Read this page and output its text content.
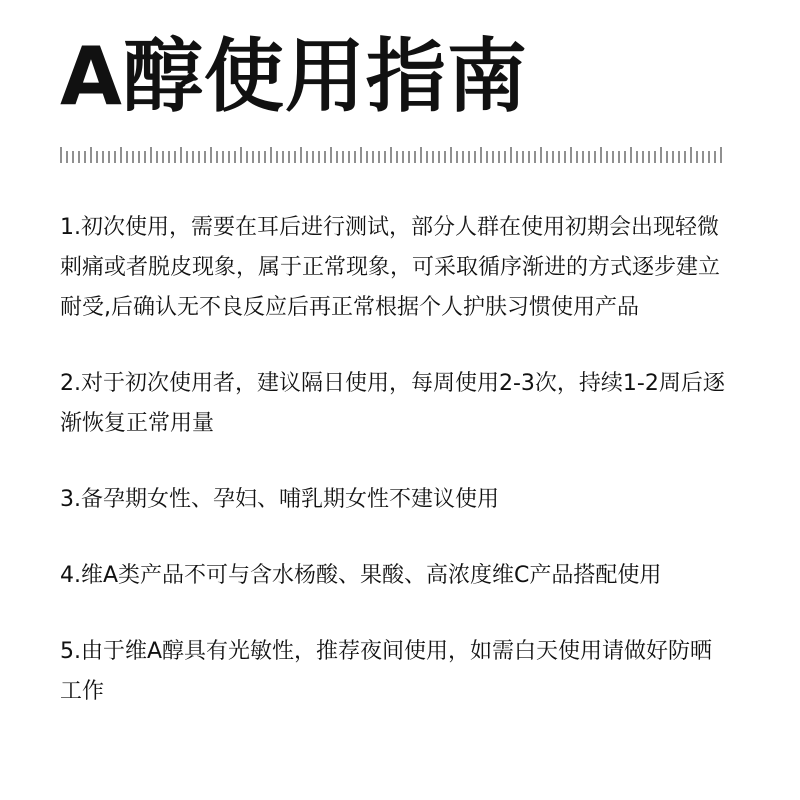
A醇使用指南

1.初次使用，需要在耳后进行测试，部分人群在使用初期会出现轻微刺痛或者脱皮现象，属于正常现象，可采取循序渐进的方式逐步建立耐受,后确认无不良反应后再正常根据个人护肤习惯使用产品

2.对于初次使用者，建议隔日使用，每周使用2-3次，持续1-2周后逐渐恢复正常用量

3.备孕期女性、孕妇、哺乳期女性不建议使用

4.维A类产品不可与含水杨酸、果酸、高浓度维C产品搭配使用

5.由于维A醇具有光敏性，推荐夜间使用，如需白天使用请做好防晒工作
